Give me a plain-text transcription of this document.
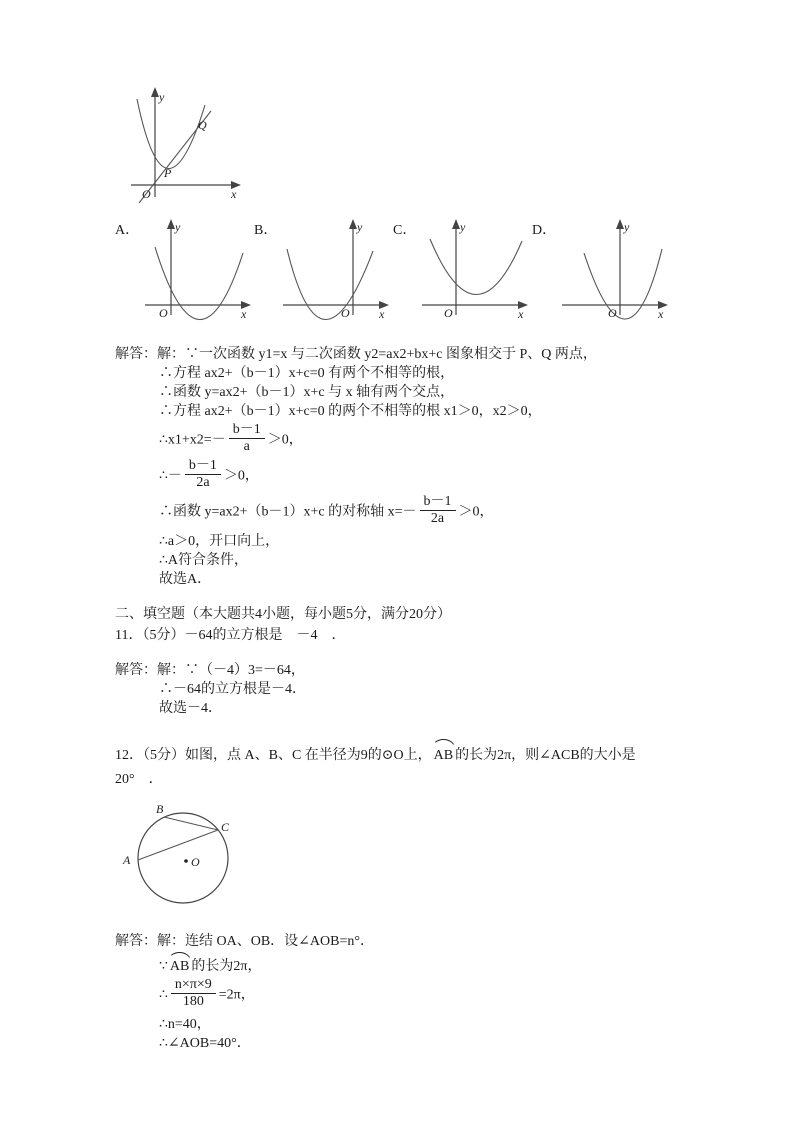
y
x
O
P
Q
A．	y
x
O
B．	y
x
O
C．	y
x
O
D．	y
x
O
解答：解：∵一次函数 y1=x 与二次函数 y2=ax2+bx+c 图象相交于 P、Q 两点，
∴方程 ax2+（b－1）x+c=0 有两个不相等的根，
∴函数 y=ax2+（b－1）x+c 与 x 轴有两个交点，
∴方程 ax2+（b－1）x+c=0 的两个不相等的根 x1＞0，x2＞0，
∴x1+x2=－ $\frac{b-1}{a} >0$，
∴－ $\frac{b-1}{2a} >0$，
∴函数 y=ax2+（b－1）x+c 的对称轴 $x=- \frac{b-1}{2a} >0$，
∴a＞0，开口向上，
∴A符合条件，
故选A．
二、填空题（本大题共4小题，每小题5分，满分20分）
11．（5分）－64的立方根是　－4　．
解答：解：∵（－4）3=－64，
∴－64的立方根是－4．
故选－4．
12．（5分）如图，点 A、B、C 在半径为9的⊙O上， AB 的长为2π，则∠ACB的大小是
20°　．
B
C
A	O
解答：解：连结 OA、OB．设∠AOB=n°．
∵ AB 的长为2π，
∴ $\frac{n\times\pi\times 9}{180} =2\pi$，
∴n=40，
∴∠AOB=40°．
